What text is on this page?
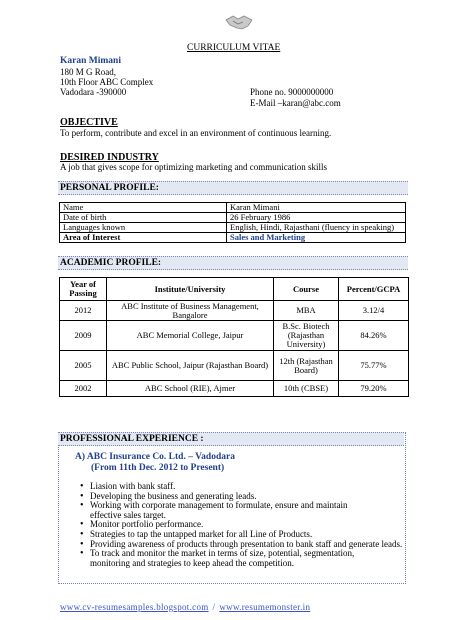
CURRICULUM VITAE
Karan Mimani
180 M G Road,
10th Floor ABC Complex
Vadodara -390000	Phone no. 9000000000
E-Mail –karan@abc.com
OBJECTIVE
To perform, contribute and excel in an environment of continuous learning.
DESIRED INDUSTRY
A job that gives scope for optimizing marketing and communication skills
PERSONAL PROFILE:
Name	Karan Mimani
Date of birth	26 February 1986
Languages known	English, Hindi, Rajasthani (fluency in speaking)
Area of Interest	Sales and Marketing
ACADEMIC PROFILE:
Year of Passing	Institute/University	Course	Percent/GCPA
2012	ABC Institute of Business Management, Bangalore	MBA	3.12/4
2009	ABC Memorial College, Jaipur	B.Sc. Biotech (Rajasthan University)	84.26%
2005	ABC Public School, Jaipur (Rajasthan Board)	12th (Rajasthan Board)	75.77%
2002	ABC School (RIE), Ajmer	10th (CBSE)	79.20%
PROFESSIONAL EXPERIENCE :
A) ABC Insurance Co. Ltd. – Vadodara
(From 11th Dec. 2012 to Present)
• Liasion with bank staff.
• Developing the business and generating leads.
• Working with corporate management to formulate, ensure and maintain effective sales target.
• Monitor portfolio performance.
• Strategies to tap the untapped market for all Line of Products.
• Providing awareness of products through presentation to bank staff and generate leads.
• To track and monitor the market in terms of size, potential, segmentation, monitoring and strategies to keep ahead the competition.
www.cv-resumesamples.blogspot.com / www.resumemonster.in
